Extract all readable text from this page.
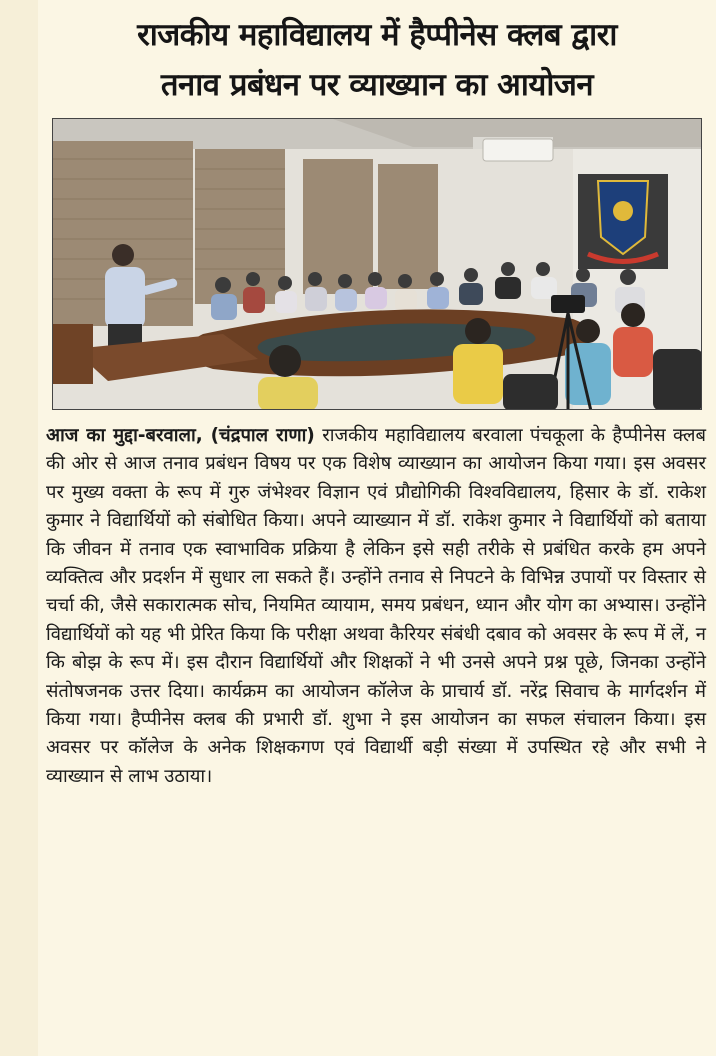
राजकीय महाविद्यालय में हैप्पीनेस क्लब द्वारा
तनाव प्रबंधन पर व्याख्यान का आयोजन

आज का मुद्दा-बरवाला, (चंद्रपाल राणा) राजकीय महाविद्यालय बरवाला पंचकूला के हैप्पीनेस क्लब की ओर से आज तनाव प्रबंधन विषय पर एक विशेष व्याख्यान का आयोजन किया गया। इस अवसर पर मुख्य वक्ता के रूप में गुरु जंभेश्वर विज्ञान एवं प्रौद्योगिकी विश्वविद्यालय, हिसार के डॉ. राकेश कुमार ने विद्यार्थियों को संबोधित किया। अपने व्याख्यान में डॉ. राकेश कुमार ने विद्यार्थियों को बताया कि जीवन में तनाव एक स्वाभाविक प्रक्रिया है लेकिन इसे सही तरीके से प्रबंधित करके हम अपने व्यक्तित्व और प्रदर्शन में सुधार ला सकते हैं। उन्होंने तनाव से निपटने के विभिन्न उपायों पर विस्तार से चर्चा की, जैसे सकारात्मक सोच, नियमित व्यायाम, समय प्रबंधन, ध्यान और योग का अभ्यास। उन्होंने विद्यार्थियों को यह भी प्रेरित किया कि परीक्षा अथवा कैरियर संबंधी दबाव को अवसर के रूप में लें, न कि बोझ के रूप में। इस दौरान विद्यार्थियों और शिक्षकों ने भी उनसे अपने प्रश्न पूछे, जिनका उन्होंने संतोषजनक उत्तर दिया। कार्यक्रम का आयोजन कॉलेज के प्राचार्य डॉ. नरेंद्र सिवाच के मार्गदर्शन में किया गया। हैप्पीनेस क्लब की प्रभारी डॉ. शुभा ने इस आयोजन का सफल संचालन किया। इस अवसर पर कॉलेज के अनेक शिक्षकगण एवं विद्यार्थी बड़ी संख्या में उपस्थित रहे और सभी ने व्याख्यान से लाभ उठाया।
